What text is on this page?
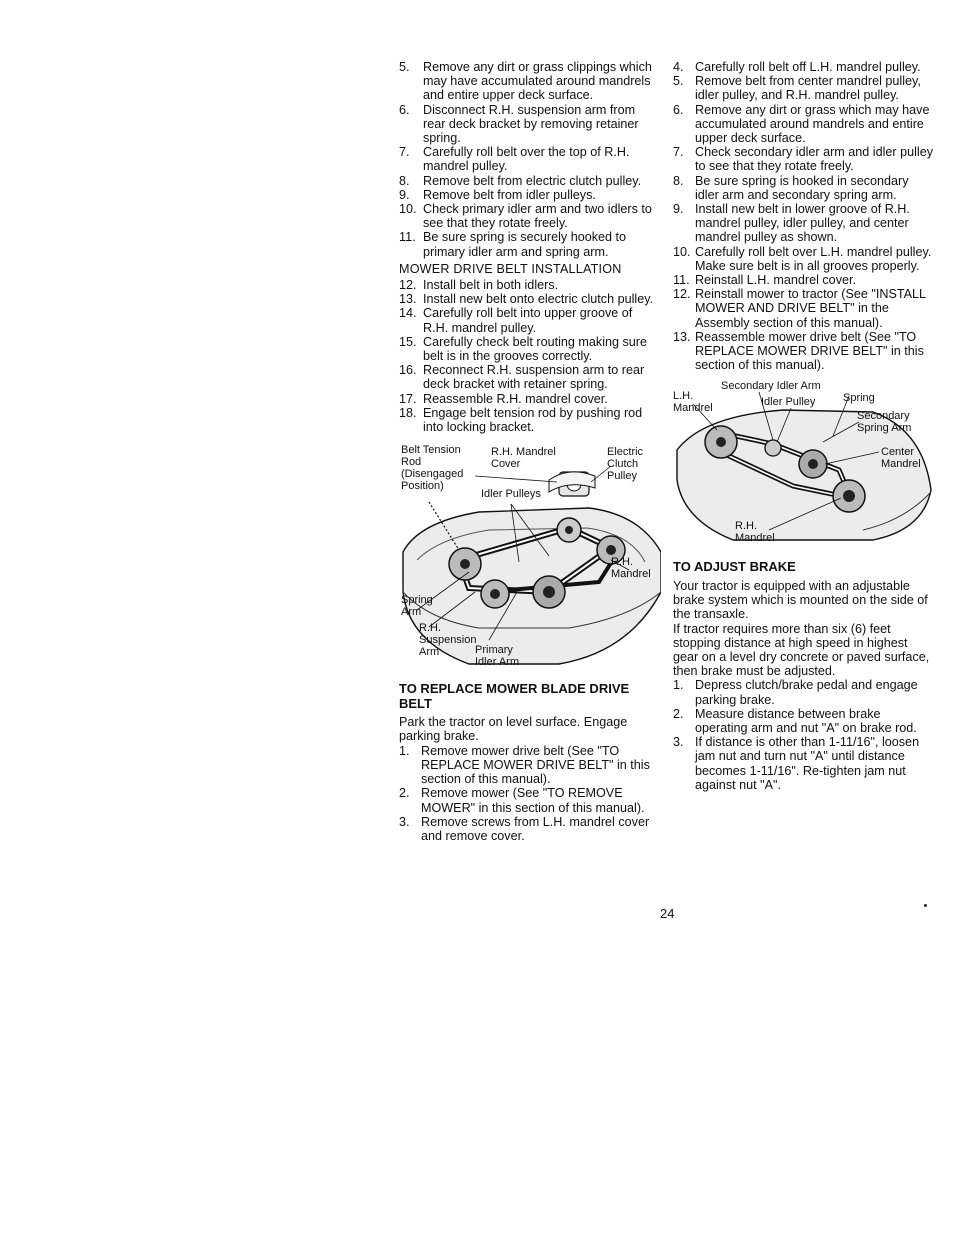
5.	Remove any dirt or grass clippings which may have accumulated around mandrels and entire upper deck surface.
6.	Disconnect R.H. suspension arm from rear deck bracket by removing retainer spring.
7.	Carefully roll belt over the top of R.H. mandrel pulley.
8.	Remove belt from electric clutch pulley.
9.	Remove belt from idler pulleys.
10. Check primary idler arm and two idlers to see that they rotate freely.
11. Be sure spring is securely hooked to primary idler arm and spring arm.
MOWER DRIVE BELT INSTALLATION
12. Install belt in both idlers.
13. Install new belt onto electric clutch pulley.
14. Carefully roll belt into upper groove of R.H. mandrel pulley.
15. Carefully check belt routing making sure belt is in the grooves correctly.
16. Reconnect R.H. suspension arm to rear deck bracket with retainer spring.
17. Reassemble R.H. mandrel cover.
18. Engage belt tension rod by pushing rod into locking bracket.
Belt Tension Rod (Disengaged Position)
R.H. Mandrel Cover
Electric Clutch Pulley
Idler Pulleys
R.H. Mandrel
Spring Arm
R.H. Suspension Arm	Primary Idler Arm
TO REPLACE MOWER BLADE DRIVE BELT

Park the tractor on level surface. Engage parking brake.

1. Remove mower drive belt (See "TO REPLACE MOWER DRIVE BELT" in this section of this manual).
2. Remove mower (See "TO REMOVE MOWER" in this section of this manual).
3. Remove screws from L.H. mandrel cover and remove cover.
4. Carefully roll belt off L.H. mandrel pulley.
5. Remove belt from center mandrel pulley, idler pulley, and R.H. mandrel pulley.
6. Remove any dirt or grass which may have accumulated around mandrels and entire upper deck surface.
7. Check secondary idler arm and idler pulley to see that they rotate freely.
8. Be sure spring is hooked in secondary idler arm and secondary spring arm.
9. Install new belt in lower groove of R.H. mandrel pulley, idler pulley, and center mandrel pulley as shown.
10. Carefully roll belt over L.H. mandrel pulley. Make sure belt is in all grooves properly.
11. Reinstall L.H. mandrel cover.
12. Reinstall mower to tractor (See "INSTALL MOWER AND DRIVE BELT" in the Assembly section of this manual).
13. Reassemble mower drive belt (See "TO REPLACE MOWER DRIVE BELT" in this section of this manual).
L.H. Mandrel
Secondary Idler Arm
Idler Pulley	Spring
Secondary Spring Arm
Center Mandrel
R.H. Mandrel
TO ADJUST BRAKE

Your tractor is equipped with an adjustable brake system which is mounted on the side of the transaxle.

If tractor requires more than six (6) feet stopping distance at high speed in highest gear on a level dry concrete or paved surface, then brake must be adjusted.

1. Depress clutch/brake pedal and engage parking brake.
2. Measure distance between brake operating arm and nut "A" on brake rod.
3. If distance is other than 1-11/16", loosen jam nut and turn nut "A" until distance becomes 1-11/16". Re-tighten jam nut against nut "A".
24
